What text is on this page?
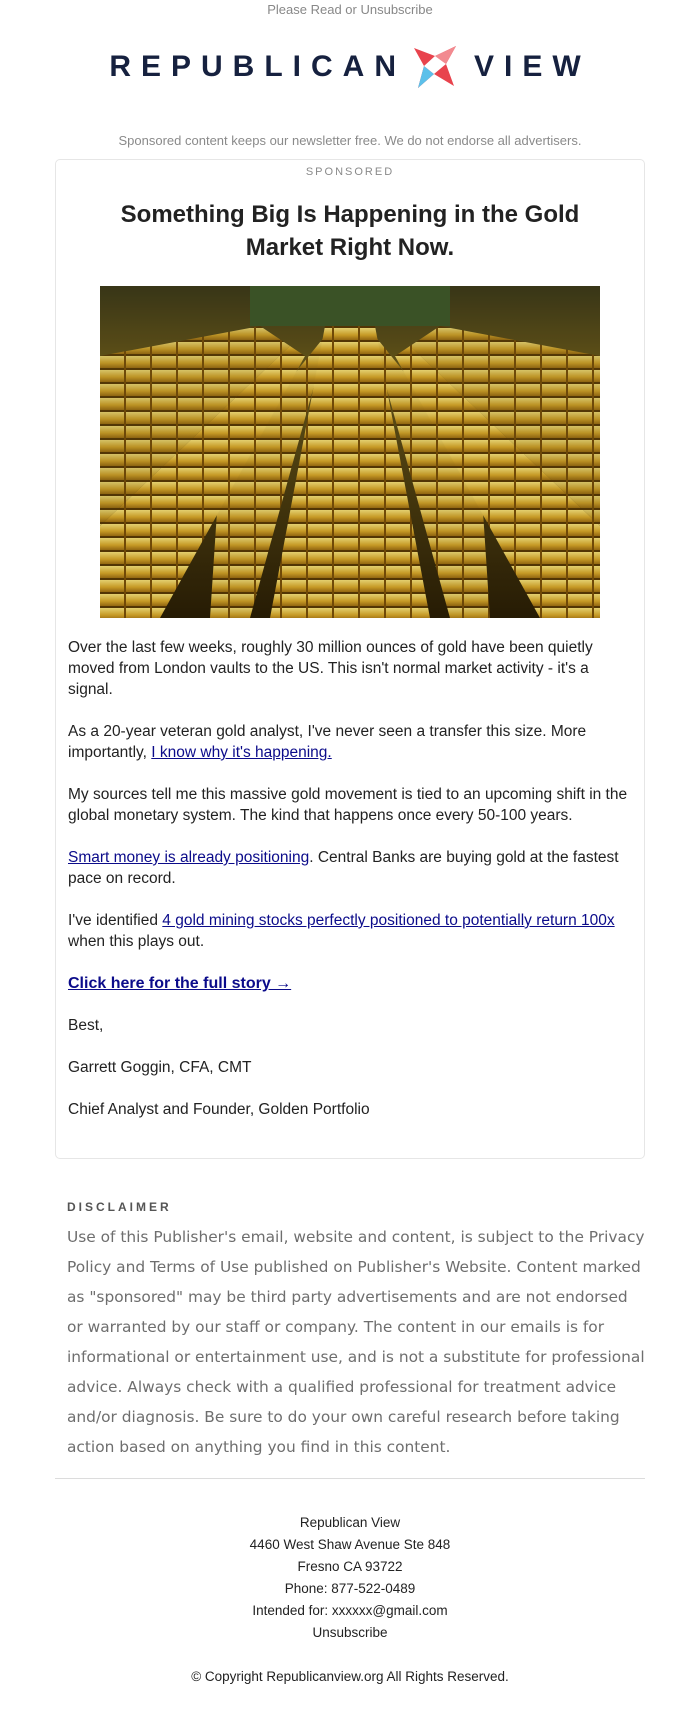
Please Read or Unsubscribe
REPUBLICAN VIEW
Sponsored content keeps our newsletter free. We do not endorse all advertisers.
SPONSORED
Something Big Is Happening in the Gold Market Right Now.

Over the last few weeks, roughly 30 million ounces of gold have been quietly moved from London vaults to the US. This isn't normal market activity - it's a signal.

As a 20-year veteran gold analyst, I've never seen a transfer this size. More importantly, I know why it's happening.

My sources tell me this massive gold movement is tied to an upcoming shift in the global monetary system. The kind that happens once every 50-100 years.

Smart money is already positioning. Central Banks are buying gold at the fastest pace on record.

I've identified 4 gold mining stocks perfectly positioned to potentially return 100x when this plays out.

Click here for the full story →

Best,

Garrett Goggin, CFA, CMT

Chief Analyst and Founder, Golden Portfolio

DISCLAIMER
Use of this Publisher's email, website and content, is subject to the Privacy Policy and Terms of Use published on Publisher's Website. Content marked as "sponsored" may be third party advertisements and are not endorsed or warranted by our staff or company. The content in our emails is for informational or entertainment use, and is not a substitute for professional advice. Always check with a qualified professional for treatment advice and/or diagnosis. Be sure to do your own careful research before taking action based on anything you find in this content.
Republican View
4460 West Shaw Avenue Ste 848
Fresno CA 93722
Phone: 877-522-0489
Intended for: xxxxxx@gmail.com
Unsubscribe
© Copyright Republicanview.org All Rights Reserved.
